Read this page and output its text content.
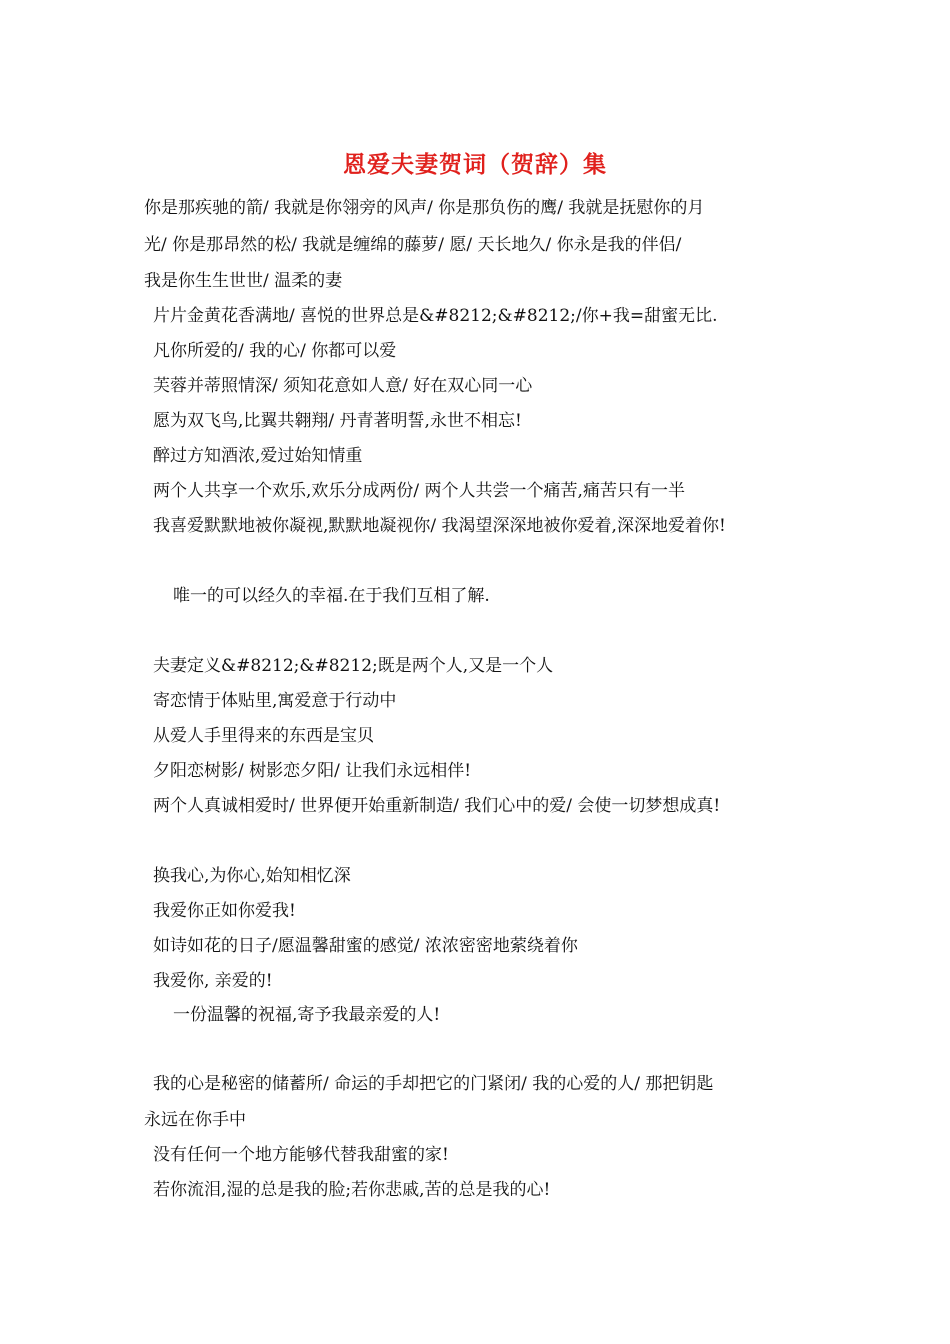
恩爱夫妻贺词（贺辞）集
你是那疾驰的箭/ 我就是你翎旁的风声/ 你是那负伤的鹰/ 我就是抚慰你的月
光/ 你是那昂然的松/ 我就是缠绵的藤萝/ 愿/ 天长地久/ 你永是我的伴侣/
我是你生生世世/ 温柔的妻
片片金黄花香满地/ 喜悦的世界总是&#8212;&#8212;/你+我=甜蜜无比.
凡你所爱的/ 我的心/ 你都可以爱
芙蓉并蒂照情深/ 须知花意如人意/ 好在双心同一心
愿为双飞鸟,比翼共翱翔/ 丹青著明誓,永世不相忘!
醉过方知酒浓,爱过始知情重
两个人共享一个欢乐,欢乐分成两份/ 两个人共尝一个痛苦,痛苦只有一半
我喜爱默默地被你凝视,默默地凝视你/ 我渴望深深地被你爱着,深深地爱着你!
唯一的可以经久的幸福.在于我们互相了解.
夫妻定义&#8212;&#8212;既是两个人,又是一个人
寄恋情于体贴里,寓爱意于行动中
从爱人手里得来的东西是宝贝
夕阳恋树影/ 树影恋夕阳/ 让我们永远相伴!
两个人真诚相爱时/ 世界便开始重新制造/ 我们心中的爱/ 会使一切梦想成真!
换我心,为你心,始知相忆深
我爱你正如你爱我!
如诗如花的日子/愿温馨甜蜜的感觉/ 浓浓密密地萦绕着你
我爱你, 亲爱的!
一份温馨的祝福,寄予我最亲爱的人!
我的心是秘密的储蓄所/ 命运的手却把它的门紧闭/ 我的心爱的人/ 那把钥匙
永远在你手中
没有任何一个地方能够代替我甜蜜的家!
若你流泪,湿的总是我的脸;若你悲戚,苦的总是我的心!
